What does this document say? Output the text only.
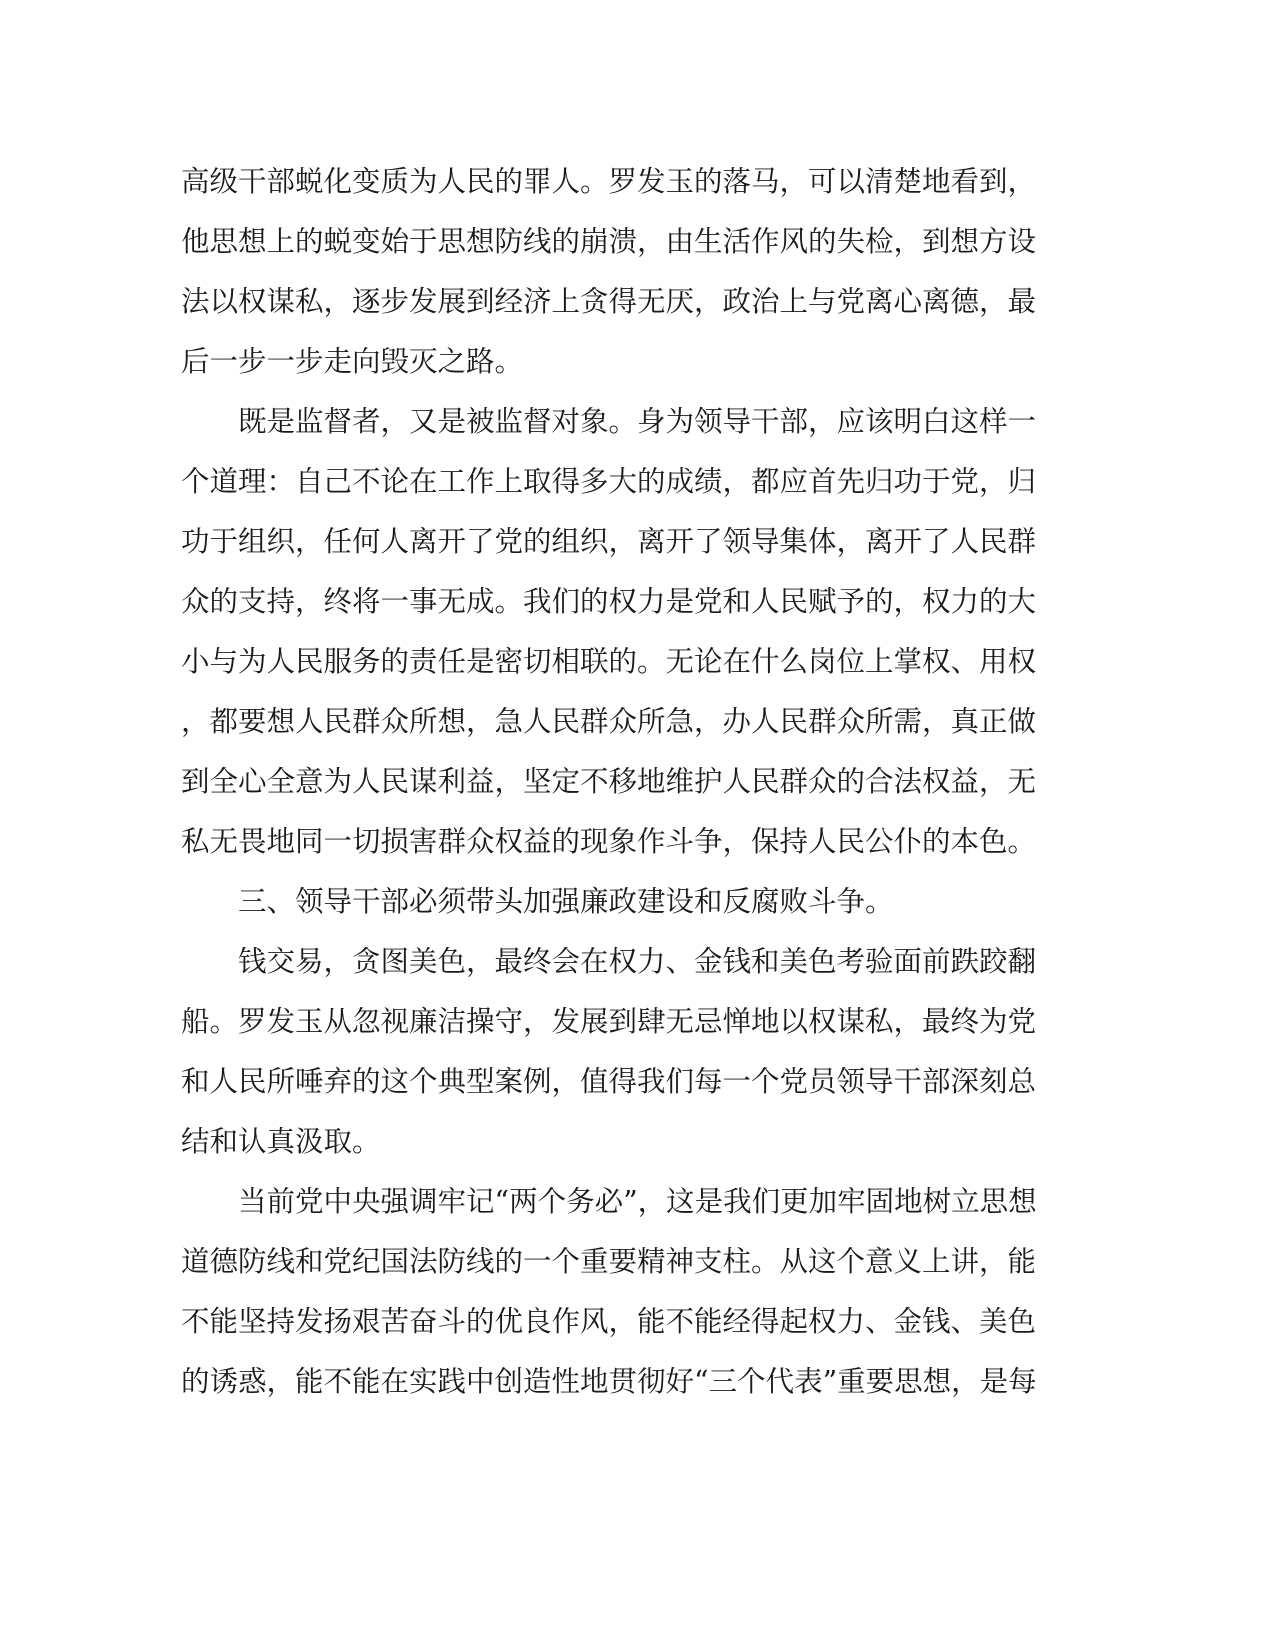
高级干部蜕化变质为人民的罪人。罗发玉的落马，可以清楚地看到，
他思想上的蜕变始于思想防线的崩溃，由生活作风的失检，到想方设
法以权谋私，逐步发展到经济上贪得无厌，政治上与党离心离德，最
后一步一步走向毁灭之路。
　　既是监督者，又是被监督对象。身为领导干部，应该明白这样一
个道理：自己不论在工作上取得多大的成绩，都应首先归功于党，归
功于组织，任何人离开了党的组织，离开了领导集体，离开了人民群
众的支持，终将一事无成。我们的权力是党和人民赋予的，权力的大
小与为人民服务的责任是密切相联的。无论在什么岗位上掌权、用权
，都要想人民群众所想，急人民群众所急，办人民群众所需，真正做
到全心全意为人民谋利益，坚定不移地维护人民群众的合法权益，无
私无畏地同一切损害群众权益的现象作斗争，保持人民公仆的本色。
　　三、领导干部必须带头加强廉政建设和反腐败斗争。
　　钱交易，贪图美色，最终会在权力、金钱和美色考验面前跌跤翻
船。罗发玉从忽视廉洁操守，发展到肆无忌惮地以权谋私，最终为党
和人民所唾弃的这个典型案例，值得我们每一个党员领导干部深刻总
结和认真汲取。
　　当前党中央强调牢记“两个务必”，这是我们更加牢固地树立思想
道德防线和党纪国法防线的一个重要精神支柱。从这个意义上讲，能
不能坚持发扬艰苦奋斗的优良作风，能不能经得起权力、金钱、美色
的诱惑，能不能在实践中创造性地贯彻好“三个代表”重要思想，是每
